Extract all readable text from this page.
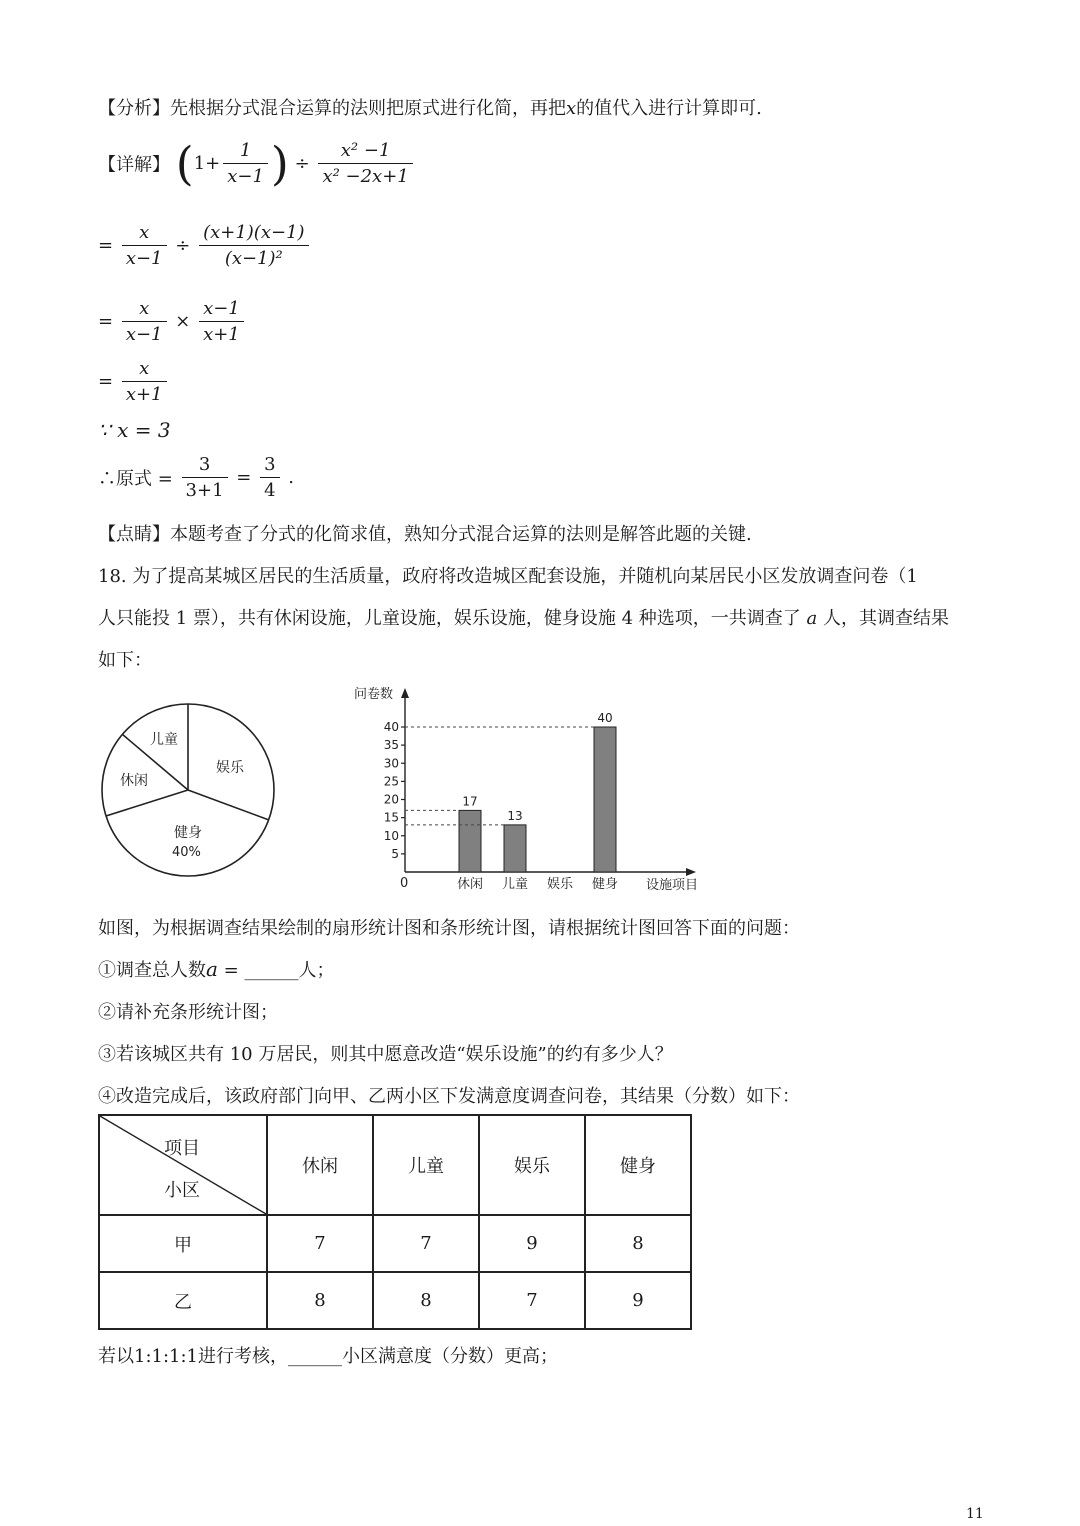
【分析】先根据分式混合运算的法则把原式进行化简，再把x的值代入进行计算即可.
【详解】 ($1+ \frac{1}{x-1}$ ) ÷ $\frac{\text{x² −1}}{\text{x² −2x+1}}$
= $\frac{x}{x-1} \div \frac{(x+1)(x-1)}{\text{(x−1)²}}$
= $\frac{x}{x-1} \times \frac{x-1}{x+1}$
= $\frac{x}{x+1}$
∵ x = 3
∴原式 = $\frac{3}{3+1} = \frac{3}{4}$ .
【点睛】本题考查了分式的化简求值，熟知分式混合运算的法则是解答此题的关键.
18. 为了提高某城区居民的生活质量，政府将改造城区配套设施，并随机向某居民小区发放调查问卷（1
人只能投 1 票），共有休闲设施，儿童设施，娱乐设施，健身设施 4 种选项，一共调查了 a 人，其调查结果
如下：
儿童
娱乐
健身
休闲
40%
问卷数
设施项目
0
5
10
15
20
25
30
35
40
休闲
17
儿童
13
娱乐 健身
40
如图，为根据调查结果绘制的扇形统计图和条形统计图，请根据统计图回答下面的问题：
①调查总人数a = ______人；
②请补充条形统计图；
③若该城区共有 10 万居民，则其中愿意改造“娱乐设施”的约有多少人？
④改造完成后，该政府部门向甲、乙两小区下发满意度调查问卷，其结果（分数）如下：
项目
小区	休闲	儿童	娱乐	健身
甲	7	7	9	8
乙	8	8	7	9
若以1:1:1:1进行考核，______小区满意度（分数）更高；
11
